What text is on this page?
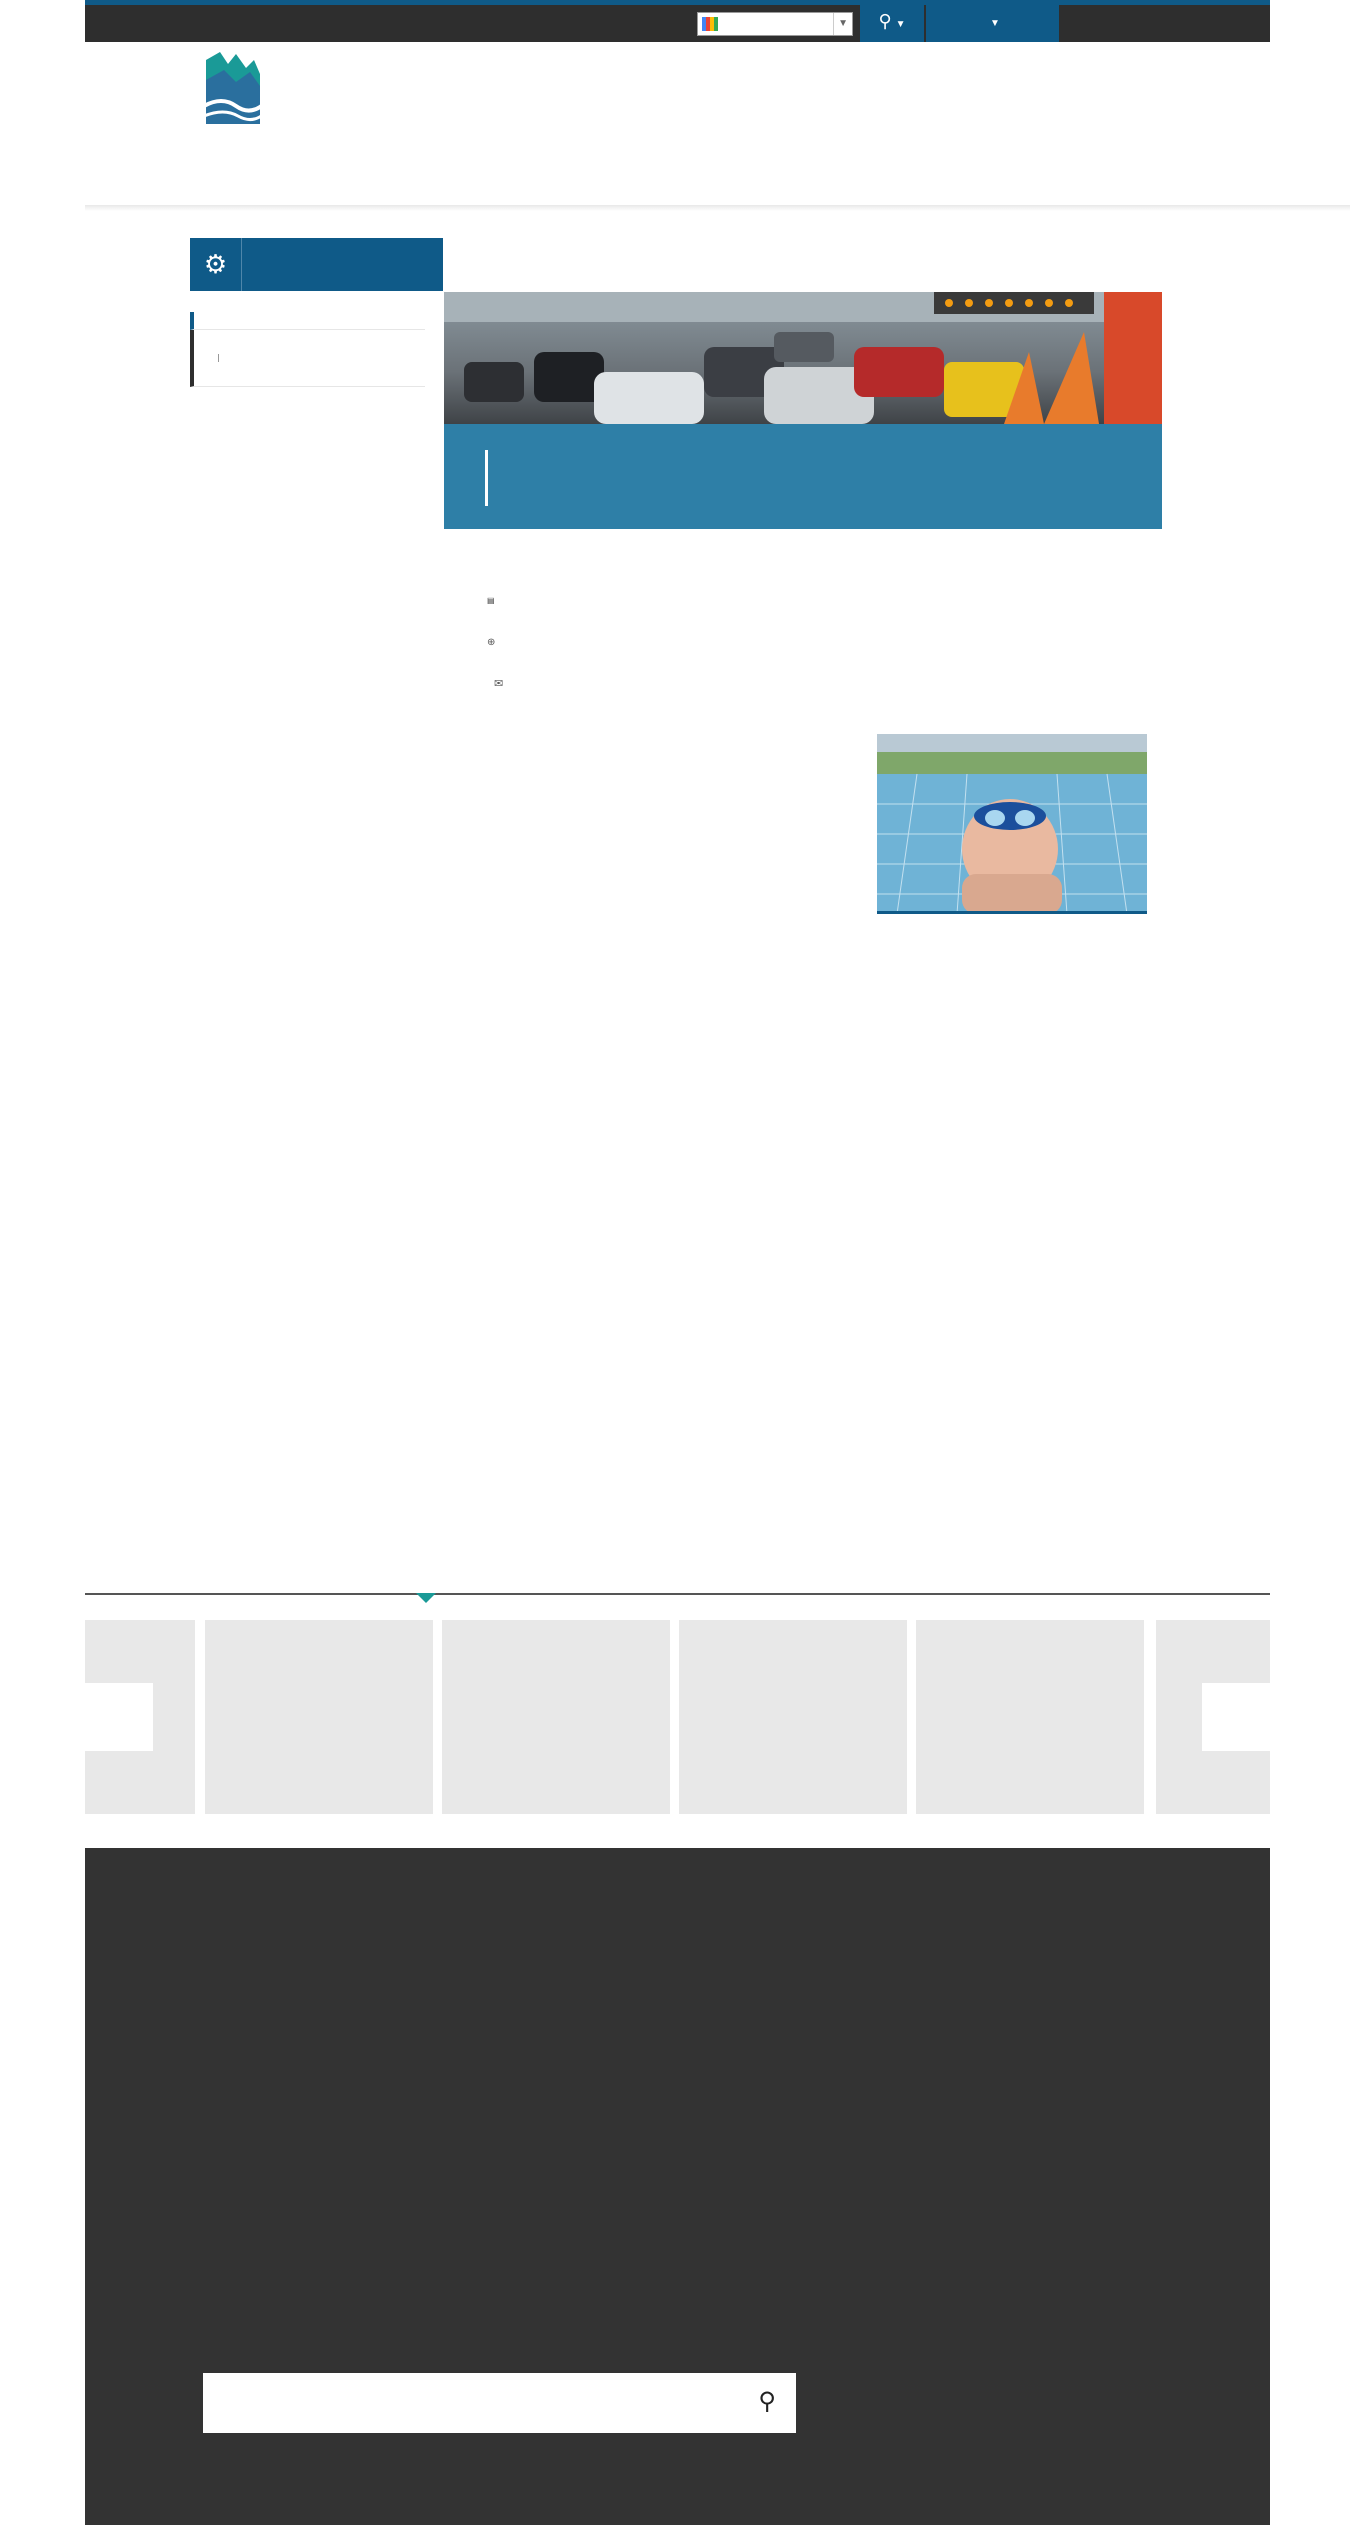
▼	⚲ ▼	▼

⚙

▤

⊕

✉

⚲
